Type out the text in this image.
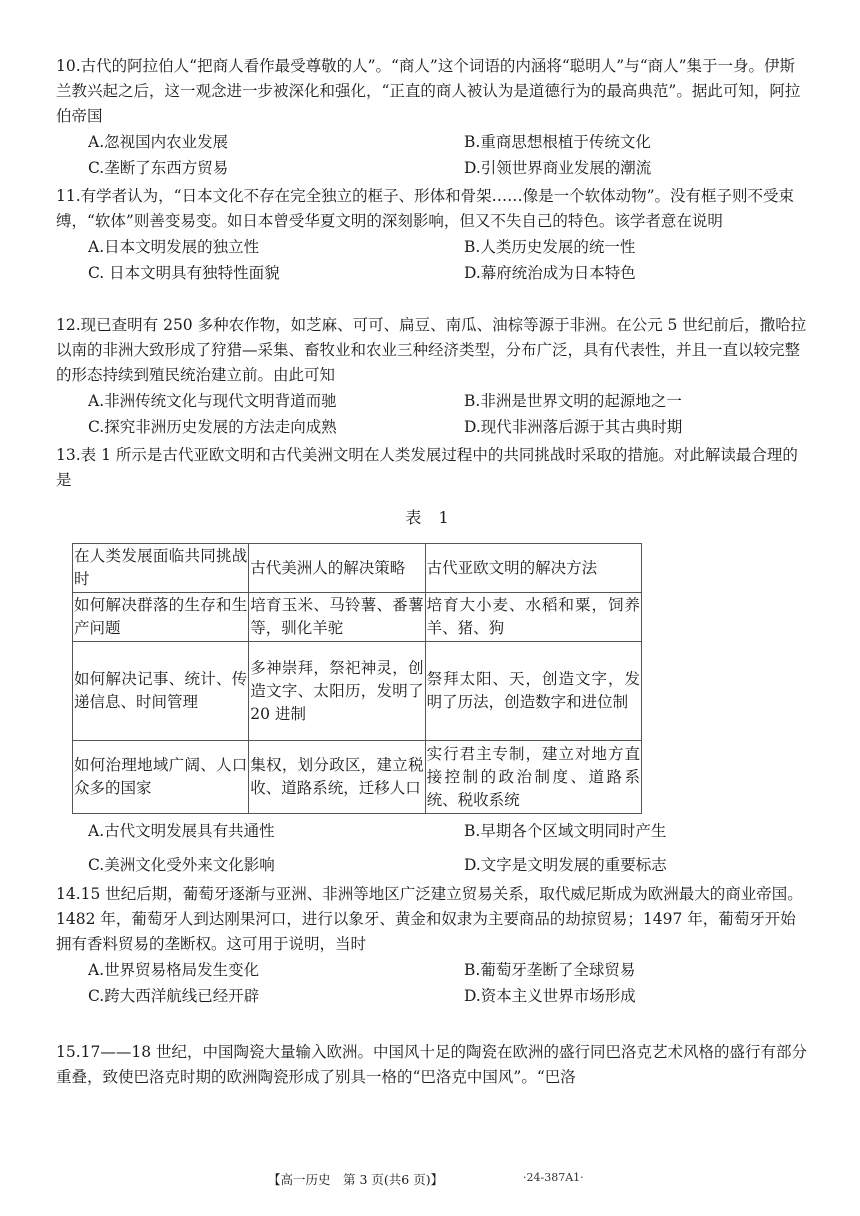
10.古代的阿拉伯人“把商人看作最受尊敬的人”。“商人”这个词语的内涵将“聪明人”与“商人”集于一身。伊斯兰教兴起之后，这一观念进一步被深化和强化，“正直的商人被认为是道德行为的最高典范”。据此可知，阿拉伯帝国

A.忽视国内农业发展	B.重商思想根植于传统文化
C.垄断了东西方贸易	D.引领世界商业发展的潮流

11.有学者认为，“日本文化不存在完全独立的框子、形体和骨架……像是一个软体动物”。没有框子则不受束缚，“软体”则善变易变。如日本曾受华夏文明的深刻影响，但又不失自己的特色。该学者意在说明

A.日本文明发展的独立性	B.人类历史发展的统一性
C. 日本文明具有独特性面貌	D.幕府统治成为日本特色

12.现已查明有 250 多种农作物，如芝麻、可可、扁豆、南瓜、油棕等源于非洲。在公元 5 世纪前后，撒哈拉以南的非洲大致形成了狩猎—采集、畜牧业和农业三种经济类型，分布广泛，具有代表性，并且一直以较完整的形态持续到殖民统治建立前。由此可知

A.非洲传统文化与现代文明背道而驰	B.非洲是世界文明的起源地之一
C.探究非洲历史发展的方法走向成熟	D.现代非洲落后源于其古典时期

13.表 1 所示是古代亚欧文明和古代美洲文明在人类发展过程中的共同挑战时采取的措施。对此解读最合理的是

表 1
在人类发展面临共同挑战时	古代美洲人的解决策略	古代亚欧文明的解决方法
如何解决群落的生存和生产问题	培育玉米、马铃薯、番薯等，驯化羊驼	培育大小麦、水稻和粟，饲养羊、猪、狗
如何解决记事、统计、传递信息、时间管理	多神崇拜，祭祀神灵，创造文字、太阳历，发明了 20 进制	祭拜太阳、天，创造文字，发明了历法，创造数字和进位制
如何治理地域广阔、人口众多的国家	集权，划分政区，建立税收、道路系统，迁移人口	实行君主专制，建立对地方直接控制的政治制度、道路系统、税收系统
A.古代文明发展具有共通性	B.早期各个区域文明同时产生
C.美洲文化受外来文化影响	D.文字是文明发展的重要标志

14.15 世纪后期，葡萄牙逐渐与亚洲、非洲等地区广泛建立贸易关系，取代威尼斯成为欧洲最大的商业帝国。1482 年，葡萄牙人到达刚果河口，进行以象牙、黄金和奴隶为主要商品的劫掠贸易；1497 年，葡萄牙开始拥有香料贸易的垄断权。这可用于说明，当时

A.世界贸易格局发生变化	B.葡萄牙垄断了全球贸易
C.跨大西洋航线已经开辟	D.资本主义世界市场形成

15.17——18 世纪，中国陶瓷大量输入欧洲。中国风十足的陶瓷在欧洲的盛行同巴洛克艺术风格的盛行有部分重叠，致使巴洛克时期的欧洲陶瓷形成了别具一格的“巴洛克中国风”。“巴洛

【高一历史　第 3 页(共6 页)】	·24-387A1·
